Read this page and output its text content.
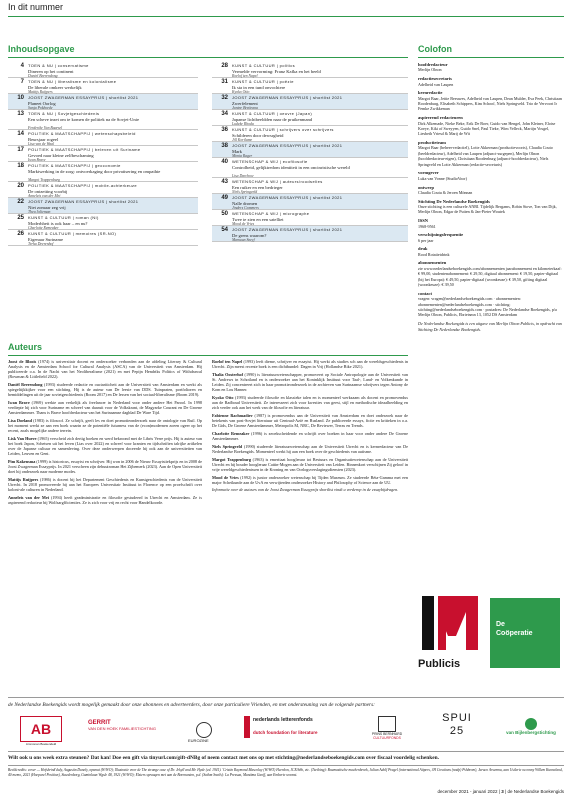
In dit nummer
Inhoudsopgave	Colofon
4 TOEN & NU | conservatisme
Dineren op het continent
Daniel Beerendong
7 TOEN & NU | liberalisme en kolonialisme
De liberale omkeer werkelijk
Mattijs Ruijpers
10 JOOST ZWAGERMAN ESSAYPRIJS | shortlist 2021
Planeet Oorlog
Sanja Pokhoede
13 TOEN & NU | Sovjetgeschiedenis
Een scheve inzet om te komen de politiek na de Sovjet-Unie
Frederike Van Baarsel
14 POLITIEK & MAATSCHAPPIJ | wetenschapsbeleid
Beursjaar rogeel
Lisa van de Waal
17 POLITIEK & MAATSCHAPPIJ | beleven uit Suriname
Gevoed naar kleine zelfbeschaming
Iwan Brave
18 POLITIEK & MAATSCHAPPIJ | geoconomie
Marktwerking in de zorg: ontvoerkaging door privatisering en ompathie
Margot Trappenburg
20 POLITIEK & MAATSCHAPPIJ | mobile-achterkeuze
De ontzetting voorbij
Anneleis van der Mei
22 JOOST ZWAGERMAN ESSAYPRIJS | shortlist 2021
Niet zomaar zeg vrij
Thea Jolieman
25 KUNST & CULTUUR | roman (NI)
Moderhheit is ook haar – en nu?
Charlotte Remeaker
26 KUNST & CULTUUR | memoires (SR-NO)
Eigenaar Suriname
Terha Deerenhof
28 KUNST & CULTUUR | politics
Vermelde vervorming: Franz Kafka en het beeld
Roelof ten Napel
31 KUNST & CULTUUR | poëzie
Ik sta in een tund onvochtere
Kyoko Otto
32 JOOST ZWAGERMAN ESSAYPRIJS | shortlist 2021
Zwerfelement
Janine Breiteana
34 KUNST & CULTUUR | oeuvre (Japan)
Japanse lichtbeeldden naar de pruikenmand
Ludeke Rhoda
36 KUNST & CULTUUR | schrijvers over schrijvers
Schilderen door dewsrgheid
Jill Kortlame
38 JOOST ZWAGERMAN ESSAYPRIJS | shortlist 2021
Mark
Mimia Rager
40 WETENSCHAP & WIJ | ecofilosofie
Controlbeid, gelijktredom identiteit in een oncinristische wereld
Lisa Darchow
43 WETENSCHAP & WIJ | auteurs/roodselies
Een ruiker en een bedrieger
Niels Springveld
49 JOOST ZWAGERMAN ESSAYPRIJS | shortlist 2021
Nalle dromen
Jinders Gommers
50 WETENSCHAP & WIJ | micrographe
Twee te zien en een satelliet
Mood de Vries
54 JOOST ZWAGERMAN ESSAYPRIJS | shortlist 2021
De grens waarom?
Mamuun Sneyf
hoofdredacteur
Merlijn Olnon
redactiesecretaris
Adelheid van Laupen
kernredactie
Margot Baar, Jettie Beeuwes, Adelheid van Laupen, Dean Mulder, Eva Peek, Christiaan Roodenburg, Elisabeth Schippers, Kim Schoof, Niels Springveld. Trio de Vervoort Ir Femke Zwikkeman
aspirerend redacteuren
Dirk Alkemade, Nieke Beke, Erik De Boer, Guido van Hengel, John Kleiner, Eloise Koeye, Kiki of Sweyyen, Guido Snel, Paul Tieke, Wim Velleck, Martijn Vosgel, Liesbeth Vriesd & Marij de Wit
productieteam
Margot Baar (beheer-redactiel), Lotte Akkerman (productievoorts), Claudia Couto (beeldredacteur), Adelheid van Laupen (adjunct-surgepen), Merlijn Olnon (hoofdredacteur-eigen), Christiaan Roodenburg (adjunct-hoofdredacteur), Niels Springveld en Lotte Akkerman (redactie-secretaris)
vormgever
Luka van Vonne (StudioVoor)
ontwerp
Claudia Coutu & Jeroen Mönnan
Stichting De Nederlandse Boekengids
Onze stichting is een culturele ANBI. Tijdelijk Bergams, Robin Stove, Ton van Dijk, Merlijn Olnon, Edgar de Putten & Jan-Pieter Woutek
ISSN
1968-9561
verschijningsfrequentie
6 per jaar
druk
Rood Rotatietdrink
abonnementen
zie www.nederlandseboekengids.com/abonnementen jaarabonnement en kilometerkaaf: € 99,00, studentenabonnement: € 29,50, digitaal abonnement: € 19,50, papier-digitaal (bij het Europa): € 49,50, papier-digitaal (woonkeuze): € 39,50, gifting digitaal (woonkeuze): € 39,50
contact
vragen: vragen@nederlandseboekengids.com · abonnementen: abonnementen@nederlandseboekengids.com · stichting: stichting@nederlandseboekengids.com · postadres: De Nederlandse Boekengids, p/a Merlijn Olnon, Publicis, Ebrietsmn 13, 1052 DS Amsterdam
De Nederlandse Boekengids is een uitgave van Merlijn Olnon Publicis, in opdracht van Stichting De Nederlandse Boekengids.
Auteurs

Joost de Bloois (1974) is universitair docent en onderzoeker verbonden aan de afdeling Literary & Cultural Analysis en de Amsterdam School for Cultural Analysis (ASCA) van de Universiteit van Amsterdam. Hij publiceerde o.a. In de Nacht van het Neoliberalisme (2021) en met Pepijn Hendriks Politics of Withdrawal (Rowman & Littlefield 2022).

Daniël Beerendong (1993) studeerde redactie en ouctariticheit aan de Universiteit van Amsterdam en werkt als spiegeltijkkijker voor een stichting. Hij is de auteur van De leesie van DDS. Tuinpraten, portfolioren en bemiddelingen uit de jaar sovietgeschiedenis (Boom 2017) en De lessen van het sociaal-liberalisme (Boom 2019).

Iwan Brave (1969) werkte aan verkelijk als freelancer in Nederland voor onder andere Het Parool. In 1998 verdiepte hij zich voor Suriname en schreef van daaruit voor de Volkskrant, de Magyarke Courant en De Groene Amsterdammer. Thans is Brave hoofdredacteur van het Surinaamse dagblad De Ware Tijd.

Lisa Doeland (1983) is filosoof. Ze schrijft, geeft les en doet promotieonderzoek naar de ontologie van Ruil. Op het moment werkt ze aan een boek waarin ze de potentiële futurness van de (econ)modernen zoeen ogeer op het recent, zoals mogelijke andere terrein.

Lisk Van Hueve (1965) verscheid zich dertig boeken en werd bekroond met de Libris Verre prijs. Hij is auteur van het boek Japon, Schetsen uit het leven (Lias over 2022) en schreef voor kranten en tijdschriften talrijke artikelen over de Japanse cultuur en samenleving. Over deze onderwerpen doceerde hij ook aan de universiteiten van Leiden, Leuven en Gent.

Pim Kakensma (1999) is historicus, essayist en schrijver. Hij won in 2006 de Nieuw Essayistiekprijs en in 2008 de Joost Zwagerman Essayprijs. In 2021 verscheen zijn debuutroman Het Zijbemerk (2023). Aan de Open Universiteit doet hij onderzoek naar moderne modes.

Mattijs Ruijpers (1986) is docent bij het Departement Geschiedenis en Kunstgeschiedenis van de Universiteit Utrecht. In 2018 promoveerde hij aan het Europees Universitair Instituut in Florence op een proefschrift over koloni-ale culturen in Nederland.

Anneleis van der Mei (1994) heeft geadministratie en filosofie gestudeerd in Utrecht en Amsterdam. Ze is aspirerend redacteur bij Wolfsargfficienties. Ze is zich voor vrij en recht voor Handelkoorde.

Roelof ten Napel (1993) leeft dieme, schrijver en essayist. Hij werkt als studies sch aan de wereldsgeschiedenis in Utrecht. Zijn meest recente boek is een dichtbundel: Dagen in Vrij (Hollandse Bike 2021).

Thalia Oosterhof (1990) is literatuurwetenschapper, promoveert op Sociale Antropologie aan de Universiteit van St. Andrews in Schotland en is onderzoeker aan het Koninklijk Instituut voor Taal-, Land- en Volkenkunde in Leiden. Zij concentreert zich in haar promotieonderzoek in de archieven van Surinaamse schrijvers tegen Antony de Kom en Lou Hanner.

Kyoko Otto (1993) studeerde filosofie en klassieke talen en is momenteel werkzaam als docent en promovendus aan de Radboud Universiteit. Ze interesseert zich voor kwesties van geest, stijl en methodische ideaalbeelding en zich verder ook aan het werk van de filosofie en literatuur.

Fabienne Rachmadiev (1987) is promovendus aan de Universiteit van Amsterdam en doet onderzoek naar de betekenis van post-Sovjet literatuur uit Centraal-Azië en Rusland. Ze publiceerde essays, fictie en kritieken in o.a. De Gids, De Groene Amsterdammer, Metropolis M, NRC, De Reviewer, Terras en Trends.

Charlotte Remeaker (1996) is zeoekscheidende en schrijft over boeken in haar voor onder andere De Groene Amsterdammer.

Niels Springveld (1990) studeerde literatuurwetenschap aan de Universiteit Utrecht en is kernredacteur van De Nederlandse Boekengids. Momenteel werkt hij aan een boek over de geschiedenis van autisme.

Margot Trappenburg (1963) is emeritaat hoogleraar tot Bestuurs en Organisatiewetenschap aan de Universiteit Utrecht en hij bouder hoogleraar Cattin-Mogen aan de Universiteit van Leiden. Binnenkort verschijnen Zij geloof in vrije wereldgeschiedenissen in de Kroning en van Oorlogsverslagingsdiensten (2023).

Mood de Vries (1992) is junior onderzoeker wetenschap bij Tijden Museum. Ze studeerde Bèta-Gamma met een major Scheikunde aan de UvA en verwijterden onderzoeker History and Philosophy of Science aan de UU.

Informatie over de auteurs van de Joost Zwagerman Essayprijs shortlist vindt u verderop in de essaybijdragen.

Publicis
De Coöperatie
de Nederlandse Boekengids wordt mogelijk gemaakt door onze abonnees en adverteerders, door onze particuliere Vrienden, en met ondersteuning van de volgende partners:
AB
Ammonan Boekendeld
GERRIT
VAN DEN HOEK FAMILIESTICHTING
EUROZINE
nederlands letterenfonds
dutch foundation for literature	PRINS BERNHARD
CULTUURFONDS
SPUI 25	van Bijlenbergstichting
Wilt ook u ons week extra steunen? Dat kan! Doe een gift via tinyurl.com/gift-dNBg of neem contact met ons op met stichting@nederlandseboekengids.com over fiscaal voordelig schenken.
Beeldcredits: cover — Hofsbrink'daly, Augustin Dunely, opsmat (W/WO); Illustratie voor de The strange case of Dr. Jekyll and Mr. Hyde (ed. 1941). 'Cristin Raymond Mascolay (W/WO) Hcerdon, JCE/bbh, etc. (Tzetbing): Boumastische machenbroek, Julian Adolf Pragel (international Aitpers, JH Creations (nodp) Pshbrom), Jaruco Arsenma, aan Ustlerie occonny Willem Kunneland, 40 memo, 2021 (Hoeparel Position), Staedenborg, Gaminlaan Wgsle 48, 1921 (W/WO); Elsters spraaqen met aan de Borenanten, p.d. (Sathm Sneils): La Pressua, Mantima Gaoff, aan Emberte woonst.
december 2021 - januari 2022 | 3 | de Nederlandse Boekengids
